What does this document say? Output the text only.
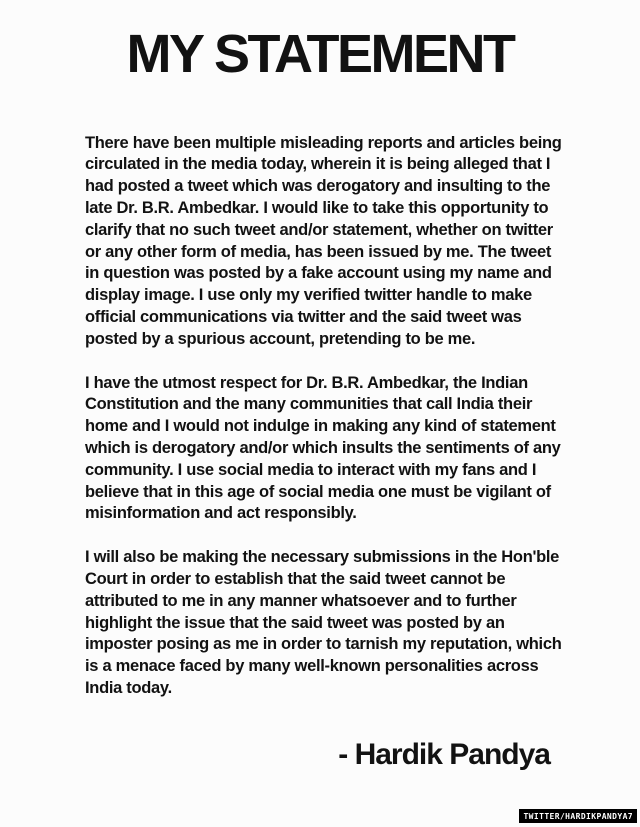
MY STATEMENT

There have been multiple misleading reports and articles being circulated in the media today, wherein it is being alleged that I had posted a tweet which was derogatory and insulting to the late Dr. B.R. Ambedkar. I would like to take this opportunity to clarify that no such tweet and/or statement, whether on twitter or any other form of media, has been issued by me. The tweet in question was posted by a fake account using my name and display image. I use only my verified twitter handle to make official communications via twitter and the said tweet was posted by a spurious account, pretending to be me.

I have the utmost respect for Dr. B.R. Ambedkar, the Indian Constitution and the many communities that call India their home and I would not indulge in making any kind of statement which is derogatory and/or which insults the sentiments of any community. I use social media to interact with my fans and I believe that in this age of social media one must be vigilant of misinformation and act responsibly.

I will also be making the necessary submissions in the Hon'ble Court in order to establish that the said tweet cannot be attributed to me in any manner whatsoever and to further highlight the issue that the said tweet was posted by an imposter posing as me in order to tarnish my reputation, which is a menace faced by many well-known personalities across India today.

- Hardik Pandya
TWITTER/HARDIKPANDYA7
